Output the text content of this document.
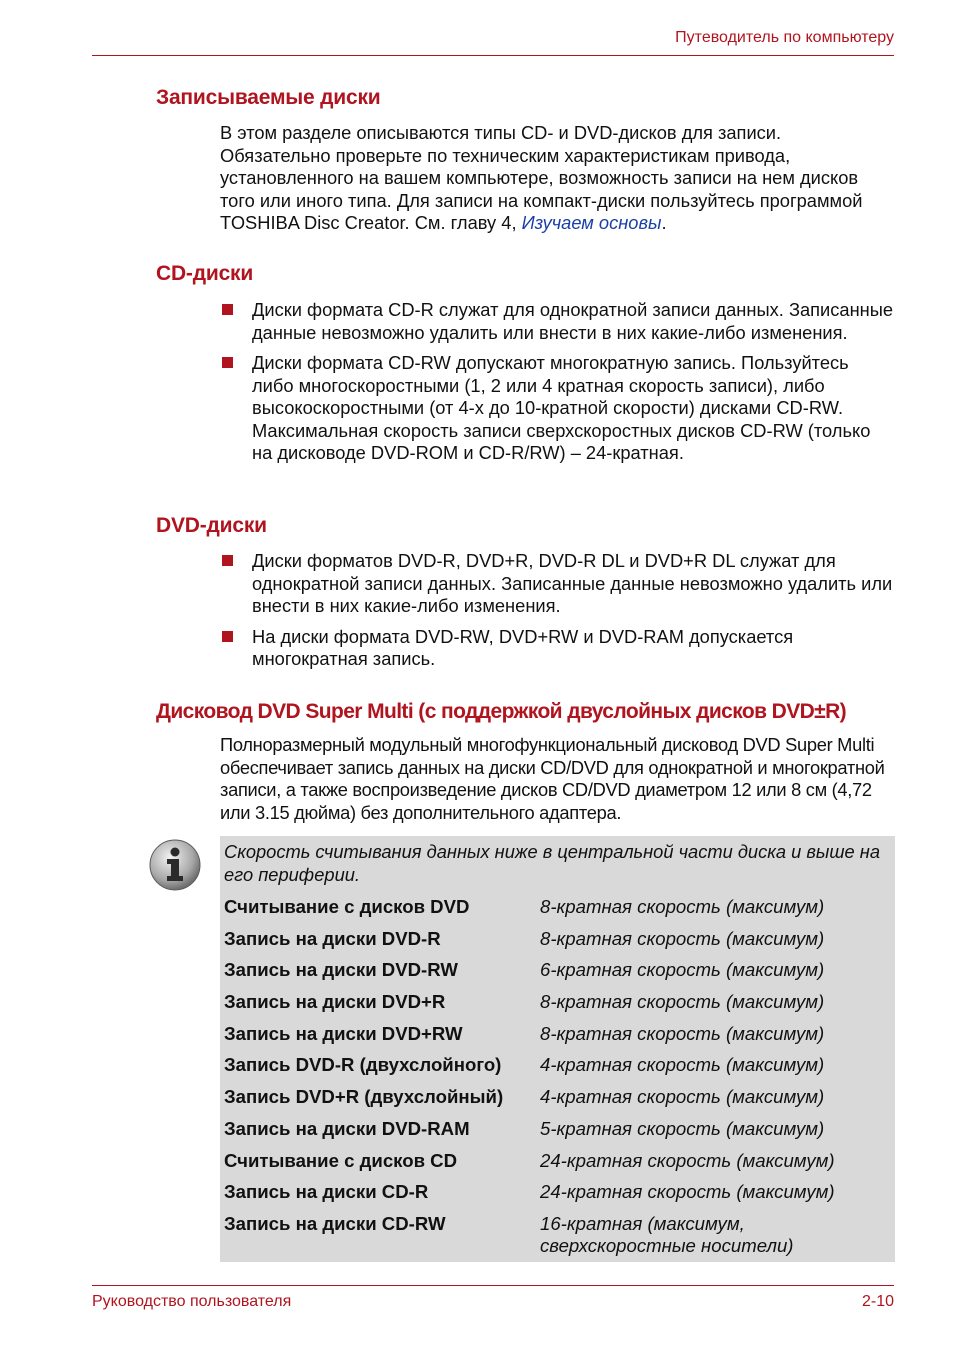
Путеводитель по компьютеру
Записываемые диски
В этом разделе описываются типы CD- и DVD-дисков для записи. Обязательно проверьте по техническим характеристикам привода, установленного на вашем компьютере, возможность записи на нем дисков того или иного типа. Для записи на компакт-диски пользуйтесь программой TOSHIBA Disc Creator. См. главу 4, Изучаем основы.
CD-диски
Диски формата CD-R служат для однократной записи данных. Записанные данные невозможно удалить или внести в них какие-либо изменения.
Диски формата CD-RW допускают многократную запись. Пользуйтесь либо многоскоростными (1, 2 или 4 кратная скорость записи), либо высокоскоростными (от 4-х до 10-кратной скорости) дисками CD-RW. Максимальная скорость записи сверхскоростных дисков CD-RW (только на дисководе DVD-ROM и CD-R/RW) – 24-кратная.
DVD-диски
Диски форматов DVD-R, DVD+R, DVD-R DL и DVD+R DL служат для однократной записи данных. Записанные данные невозможно удалить или внести в них какие-либо изменения.
На диски формата DVD-RW, DVD+RW и DVD-RAM допускается многократная запись.
Дисковод DVD Super Multi (с поддержкой двуслойных дисков DVD±R)
Полноразмерный модульный многофункциональный дисковод DVD Super Multi обеспечивает запись данных на диски CD/DVD для однократной и многократной записи, а также воспроизведение дисков CD/DVD диаметром 12 или 8 см (4,72 или 3.15 дюйма) без дополнительного адаптера.
Скорость считывания данных ниже в центральной части диска и выше на его периферии.
Считывание с дисков DVD	8-кратная скорость (максимум)
Запись на диски DVD-R	8-кратная скорость (максимум)
Запись на диски DVD-RW	6-кратная скорость (максимум)
Запись на диски DVD+R	8-кратная скорость (максимум)
Запись на диски DVD+RW	8-кратная скорость (максимум)
Запись DVD-R (двухслойного) 4-кратная скорость (максимум)
Запись DVD+R (двухслойный) 4-кратная скорость (максимум)
Запись на диски DVD-RAM	5-кратная скорость (максимум)
Считывание с дисков CD	24-кратная скорость (максимум)
Запись на диски CD-R	24-кратная скорость (максимум)
Запись на диски CD-RW	16-кратная (максимум, сверхскоростные носители)
Руководство пользователя	2-10
